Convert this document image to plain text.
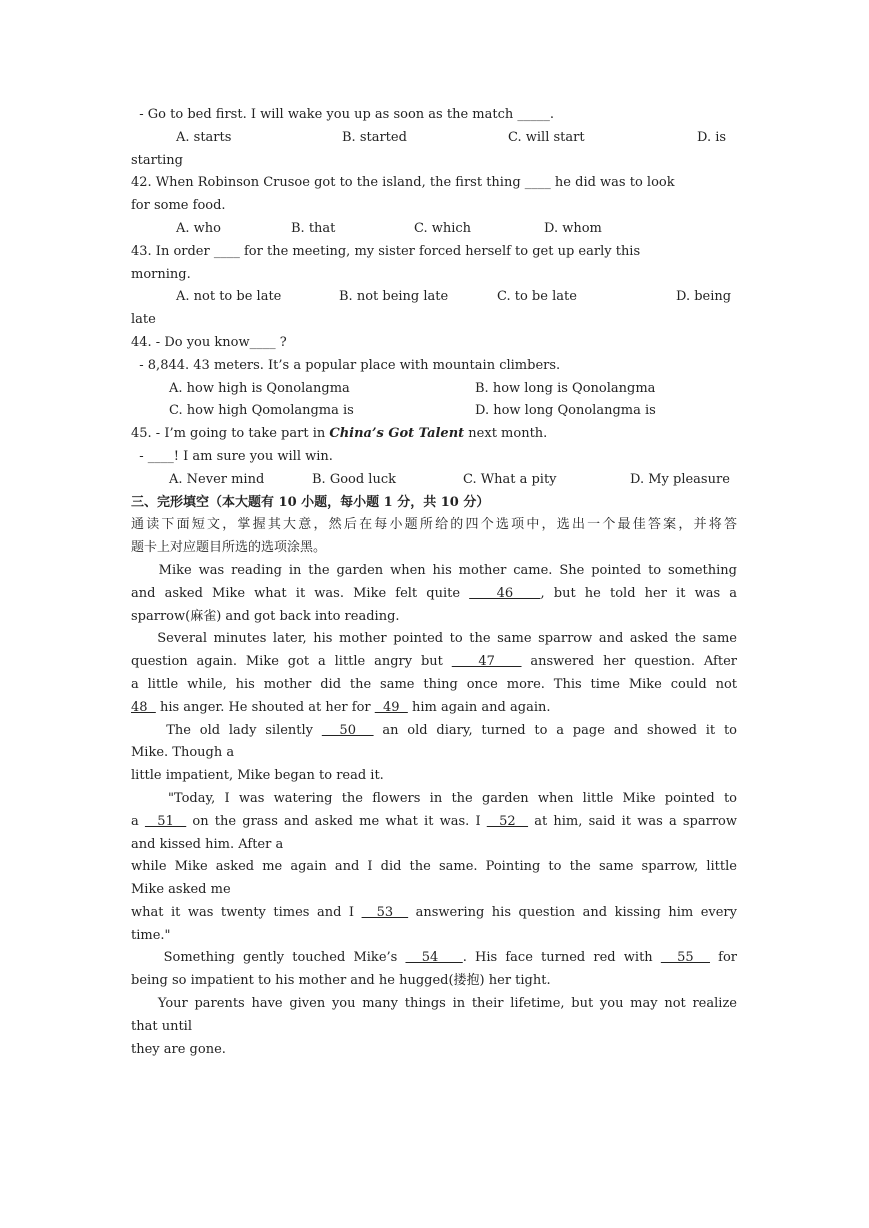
- Go to bed first. I will wake you up as soon as the match _____.
A. starts	B. started	C. will start	D. is
starting
42. When Robinson Crusoe got to the island, the first thing ____ he did was to look
for some food.
A. who	B. that	C. which	D. whom
43. In order ____ for the meeting, my sister forced herself to get up early this
morning.
A. not to be late	B. not being late	C. to be late	D. being
late
44. - Do you know____ ?
- 8,844. 43 meters. It’s a popular place with mountain climbers.
A. how high is Qonolangma	B. how long is Qonolangma
C. how high Qomolangma is	D. how long Qonolangma is
45. - I’m going to take part in China’s Got Talent next month.
- ____! I am sure you will win.
A. Never mind	B. Good luck	C. What a pity	D. My pleasure
三、完形填空（本大题有 10 小题，每小题 1 分，共 10 分）
通读下面短文，掌握其大意，然后在每小题所给的四个选项中，选出一个最佳答案，并将答
题卡上对应题目所选的选项涂黑。
Mike was reading in the garden when his mother came. She pointed to something
and asked Mike what it was. Mike felt quite    46   , but he told her it was a
sparrow(麻雀) and got back into reading.
Several minutes later, his mother pointed to the same sparrow and asked the same
question again. Mike got a little angry but    47    answered her question. After
a little while, his mother did the same thing once more. This time Mike could not
48   his anger. He shouted at her for   49   him again and again.
The old lady silently   50   an old diary, turned to a page and showed it to
Mike. Though a
little impatient, Mike began to read it.
"Today, I was watering the flowers in the garden when little Mike pointed to
a   51   on the grass and asked me what it was. I   52   at him, said it was a sparrow
and kissed him. After a
while Mike asked me again and I did the same. Pointing to the same sparrow, little
Mike asked me
what it was twenty times and I   53   answering his question and kissing him every
time."
Something gently touched Mike’s   54   . His face turned red with   55   for
being so impatient to his mother and he hugged(搂抱) her tight.
Your parents have given you many things in their lifetime, but you may not realize
that until
they are gone.
